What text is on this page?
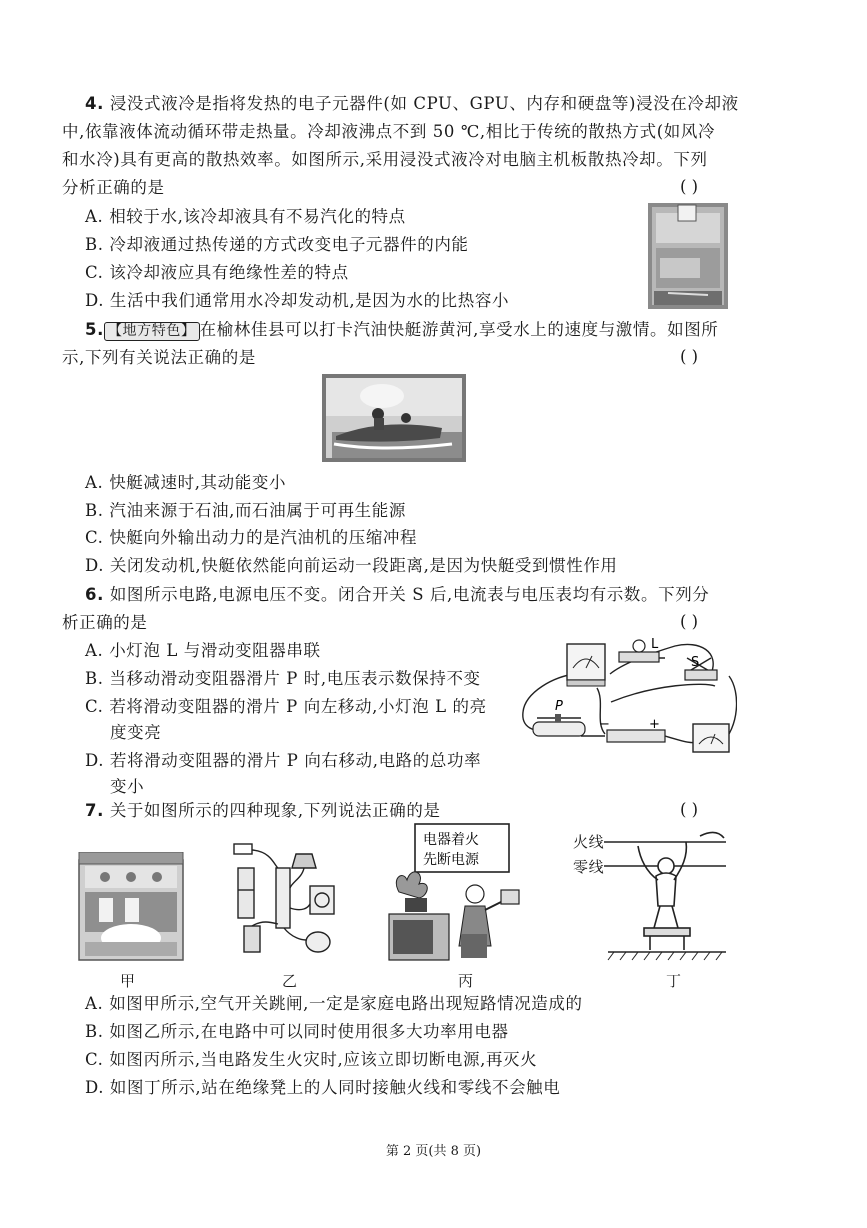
4. 浸没式液冷是指将发热的电子元器件(如 CPU、GPU、内存和硬盘等)浸没在冷却液
中,依靠液体流动循环带走热量。冷却液沸点不到 50 ℃,相比于传统的散热方式(如风冷
和水冷)具有更高的散热效率。如图所示,采用浸没式液冷对电脑主机板散热冷却。下列
分析正确的是	( )
A. 相较于水,该冷却液具有不易汽化的特点
B. 冷却液通过热传递的方式改变电子元器件的内能
C. 该冷却液应具有绝缘性差的特点
D. 生活中我们通常用水冷却发动机,是因为水的比热容小
5. 【地方特色】 在榆林佳县可以打卡汽油快艇游黄河,享受水上的速度与激情。如图所
示,下列有关说法正确的是	( )
A. 快艇减速时,其动能变小
B. 汽油来源于石油,而石油属于可再生能源
C. 快艇向外输出动力的是汽油机的压缩冲程
D. 关闭发动机,快艇依然能向前运动一段距离,是因为快艇受到惯性作用
6. 如图所示电路,电源电压不变。闭合开关 S 后,电流表与电压表均有示数。下列分
析正确的是	( )
A. 小灯泡 L 与滑动变阻器串联
B. 当移动滑动变阻器滑片 P 时,电压表示数保持不变
C. 若将滑动变阻器的滑片 P 向左移动,小灯泡 L 的亮
度变亮
D. 若将滑动变阻器的滑片 P 向右移动,电路的总功率
变小
L
S
P
−	+
7. 关于如图所示的四种现象,下列说法正确的是	( )
甲	乙
电器着火
先断电源
丙
火线
零线
丁
A. 如图甲所示,空气开关跳闸,一定是家庭电路出现短路情况造成的
B. 如图乙所示,在电路中可以同时使用很多大功率用电器
C. 如图丙所示,当电路发生火灾时,应该立即切断电源,再灭火
D. 如图丁所示,站在绝缘凳上的人同时接触火线和零线不会触电
第 2 页(共 8 页)
